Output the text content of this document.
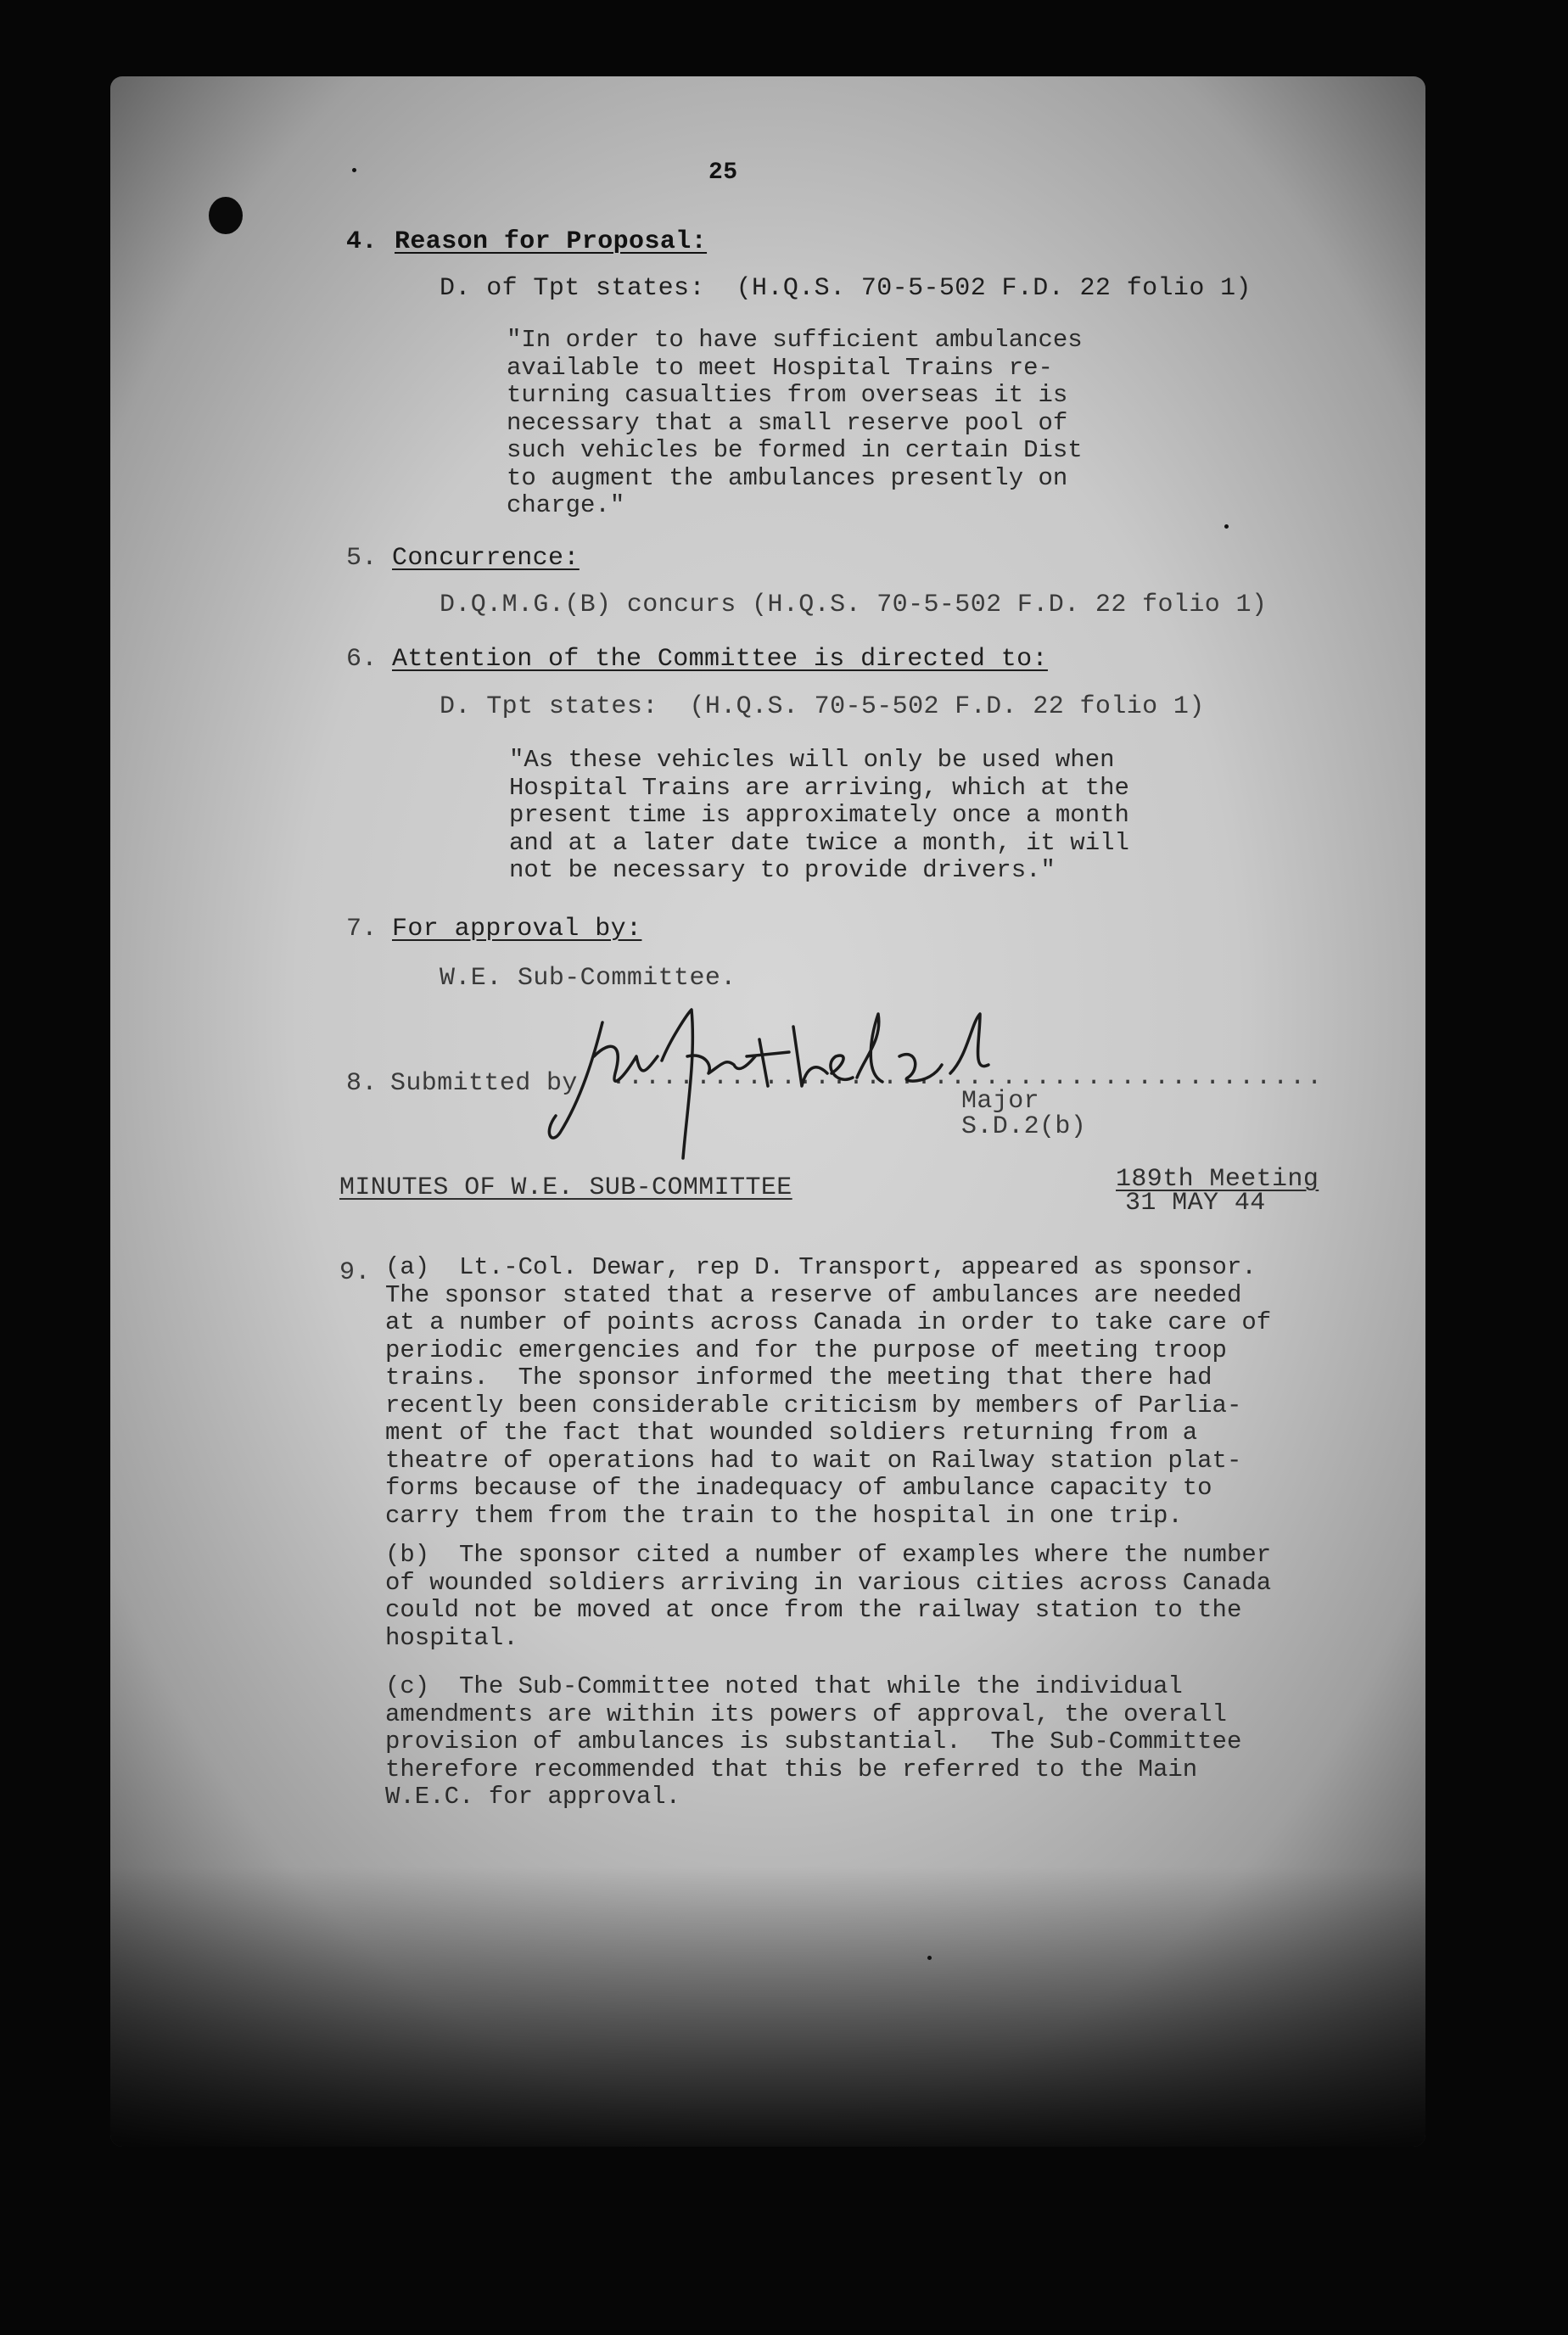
25
4. Reason for Proposal:
D. of Tpt states:  (H.Q.S. 70-5-502 F.D. 22 folio 1)
"In order to have sufficient ambulances
available to meet Hospital Trains re-
turning casualties from overseas it is
necessary that a small reserve pool of
such vehicles be formed in certain Dist
to augment the ambulances presently on
charge."
5. Concurrence:
D.Q.M.G.(B) concurs (H.Q.S. 70-5-502 F.D. 22 folio 1)
6. Attention of the Committee is directed to:
D. Tpt states:  (H.Q.S. 70-5-502 F.D. 22 folio 1)
"As these vehicles will only be used when
Hospital Trains are arriving, which at the
present time is approximately once a month
and at a later date twice a month, it will
not be necessary to provide drivers."
7. For approval by:
W.E. Sub-Committee.
8. Submitted by ..........................................
Major
S.D.2(b)
MINUTES OF W.E. SUB-COMMITTEE	189th Meeting
31 MAY 44
9. (a)  Lt.-Col. Dewar, rep D. Transport, appeared as sponsor.
The sponsor stated that a reserve of ambulances are needed
at a number of points across Canada in order to take care of
periodic emergencies and for the purpose of meeting troop
trains.  The sponsor informed the meeting that there had
recently been considerable criticism by members of Parlia-
ment of the fact that wounded soldiers returning from a
theatre of operations had to wait on Railway station plat-
forms because of the inadequacy of ambulance capacity to
carry them from the train to the hospital in one trip.
(b)  The sponsor cited a number of examples where the number
of wounded soldiers arriving in various cities across Canada
could not be moved at once from the railway station to the
hospital.
(c)  The Sub-Committee noted that while the individual
amendments are within its powers of approval, the overall
provision of ambulances is substantial.  The Sub-Committee
therefore recommended that this be referred to the Main
W.E.C. for approval.
